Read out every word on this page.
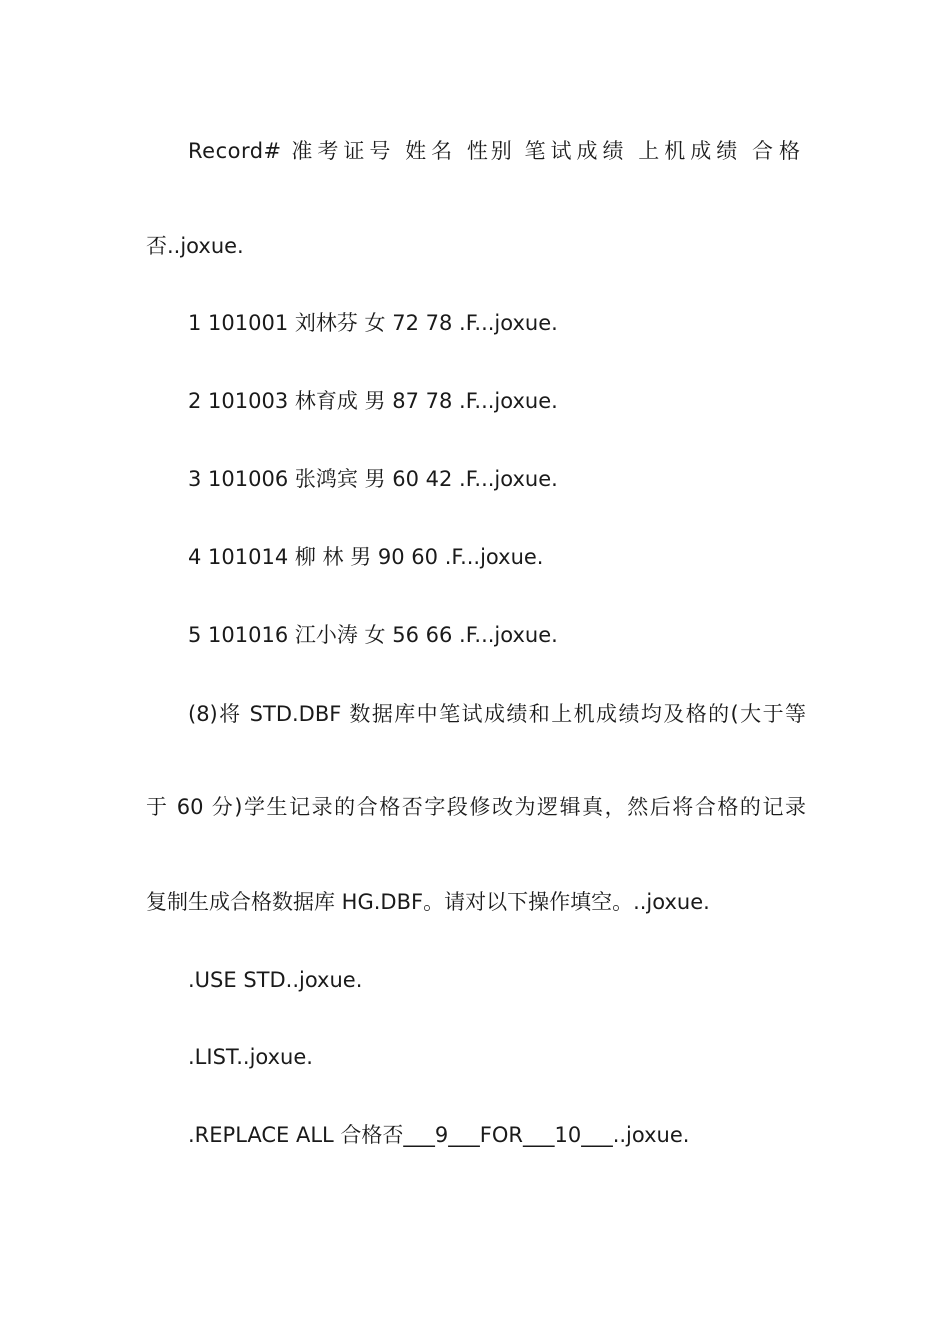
Record# 准考证号 姓名 性别 笔试成绩 上机成绩 合格
否..joxue.
1 101001 刘林芬 女 72 78 .F...joxue.
2 101003 林育成 男 87 78 .F...joxue.
3 101006 张鸿宾 男 60 42 .F...joxue.
4 101014 柳 林 男 90 60 .F...joxue.
5 101016 江小涛 女 56 66 .F...joxue.
(8)将 STD.DBF 数据库中笔试成绩和上机成绩均及格的(大于等
于 60 分)学生记录的合格否字段修改为逻辑真，然后将合格的记录
复制生成合格数据库 HG.DBF。请对以下操作填空。..joxue.
.USE STD..joxue.
.LIST..joxue.
.REPLACE ALL 合格否___9___FOR___10___..joxue.
